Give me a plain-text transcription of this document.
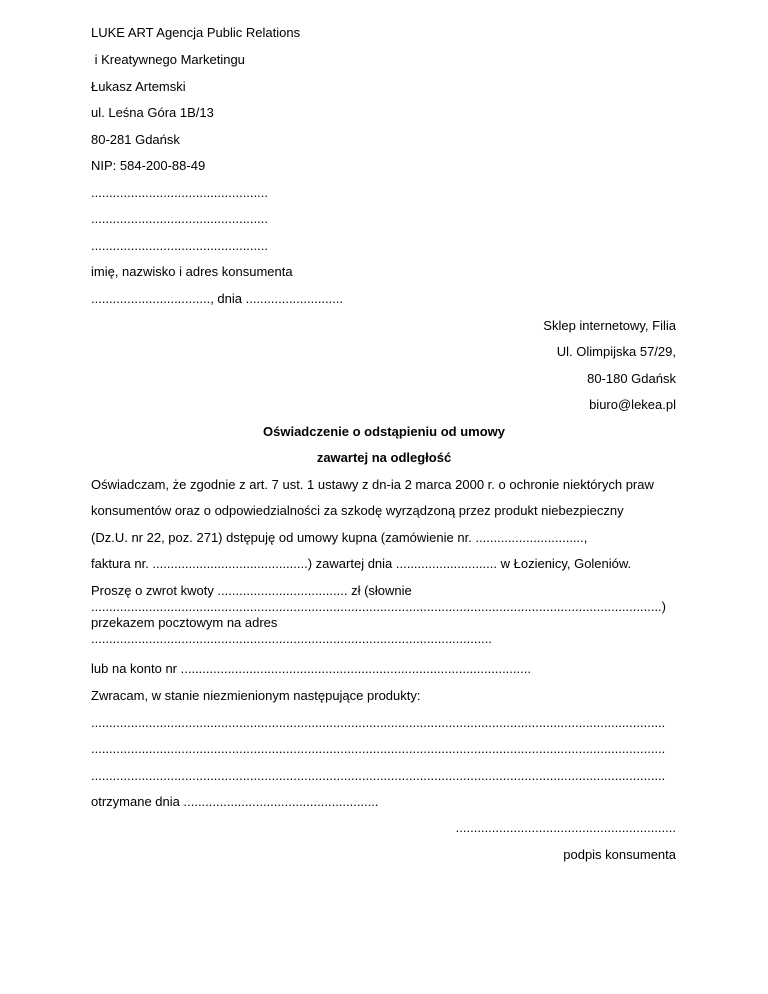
LUKE ART Agencja Public Relations
i Kreatywnego Marketingu
Łukasz Artemski
ul. Leśna Góra 1B/13
80-281 Gdańsk
NIP: 584-200-88-49
.................................................
.................................................
.................................................
imię, nazwisko i adres konsumenta
................................., dnia ...........................
Sklep internetowy, Filia
Ul. Olimpijska 57/29,
80-180 Gdańsk
biuro@lekea.pl
Oświadczenie o odstąpieniu od umowy
zawartej na odległość
Oświadczam, że zgodnie z art. 7 ust. 1 ustawy z dn-ia 2 marca 2000 r. o ochronie niektórych praw
konsumentów oraz o odpowiedzialności za szkodę wyrządzoną przez produkt niebezpieczny
(Dz.U. nr 22, poz. 271) dstępuję od umowy kupna (zamówienie nr. ..............................,
faktura nr. ...........................................) zawartej dnia ............................ w Łozienicy, Goleniów.
Proszę o zwrot kwoty .................................... zł (słownie
..............................................................................................................................................................)
przekazem pocztowym na adres
...............................................................................................................
lub na konto nr .................................................................................................
Zwracam, w stanie niezmienionym następujące produkty:
...............................................................................................................................................................
...............................................................................................................................................................
...............................................................................................................................................................
otrzymane dnia ......................................................
.............................................................
podpis konsumenta
